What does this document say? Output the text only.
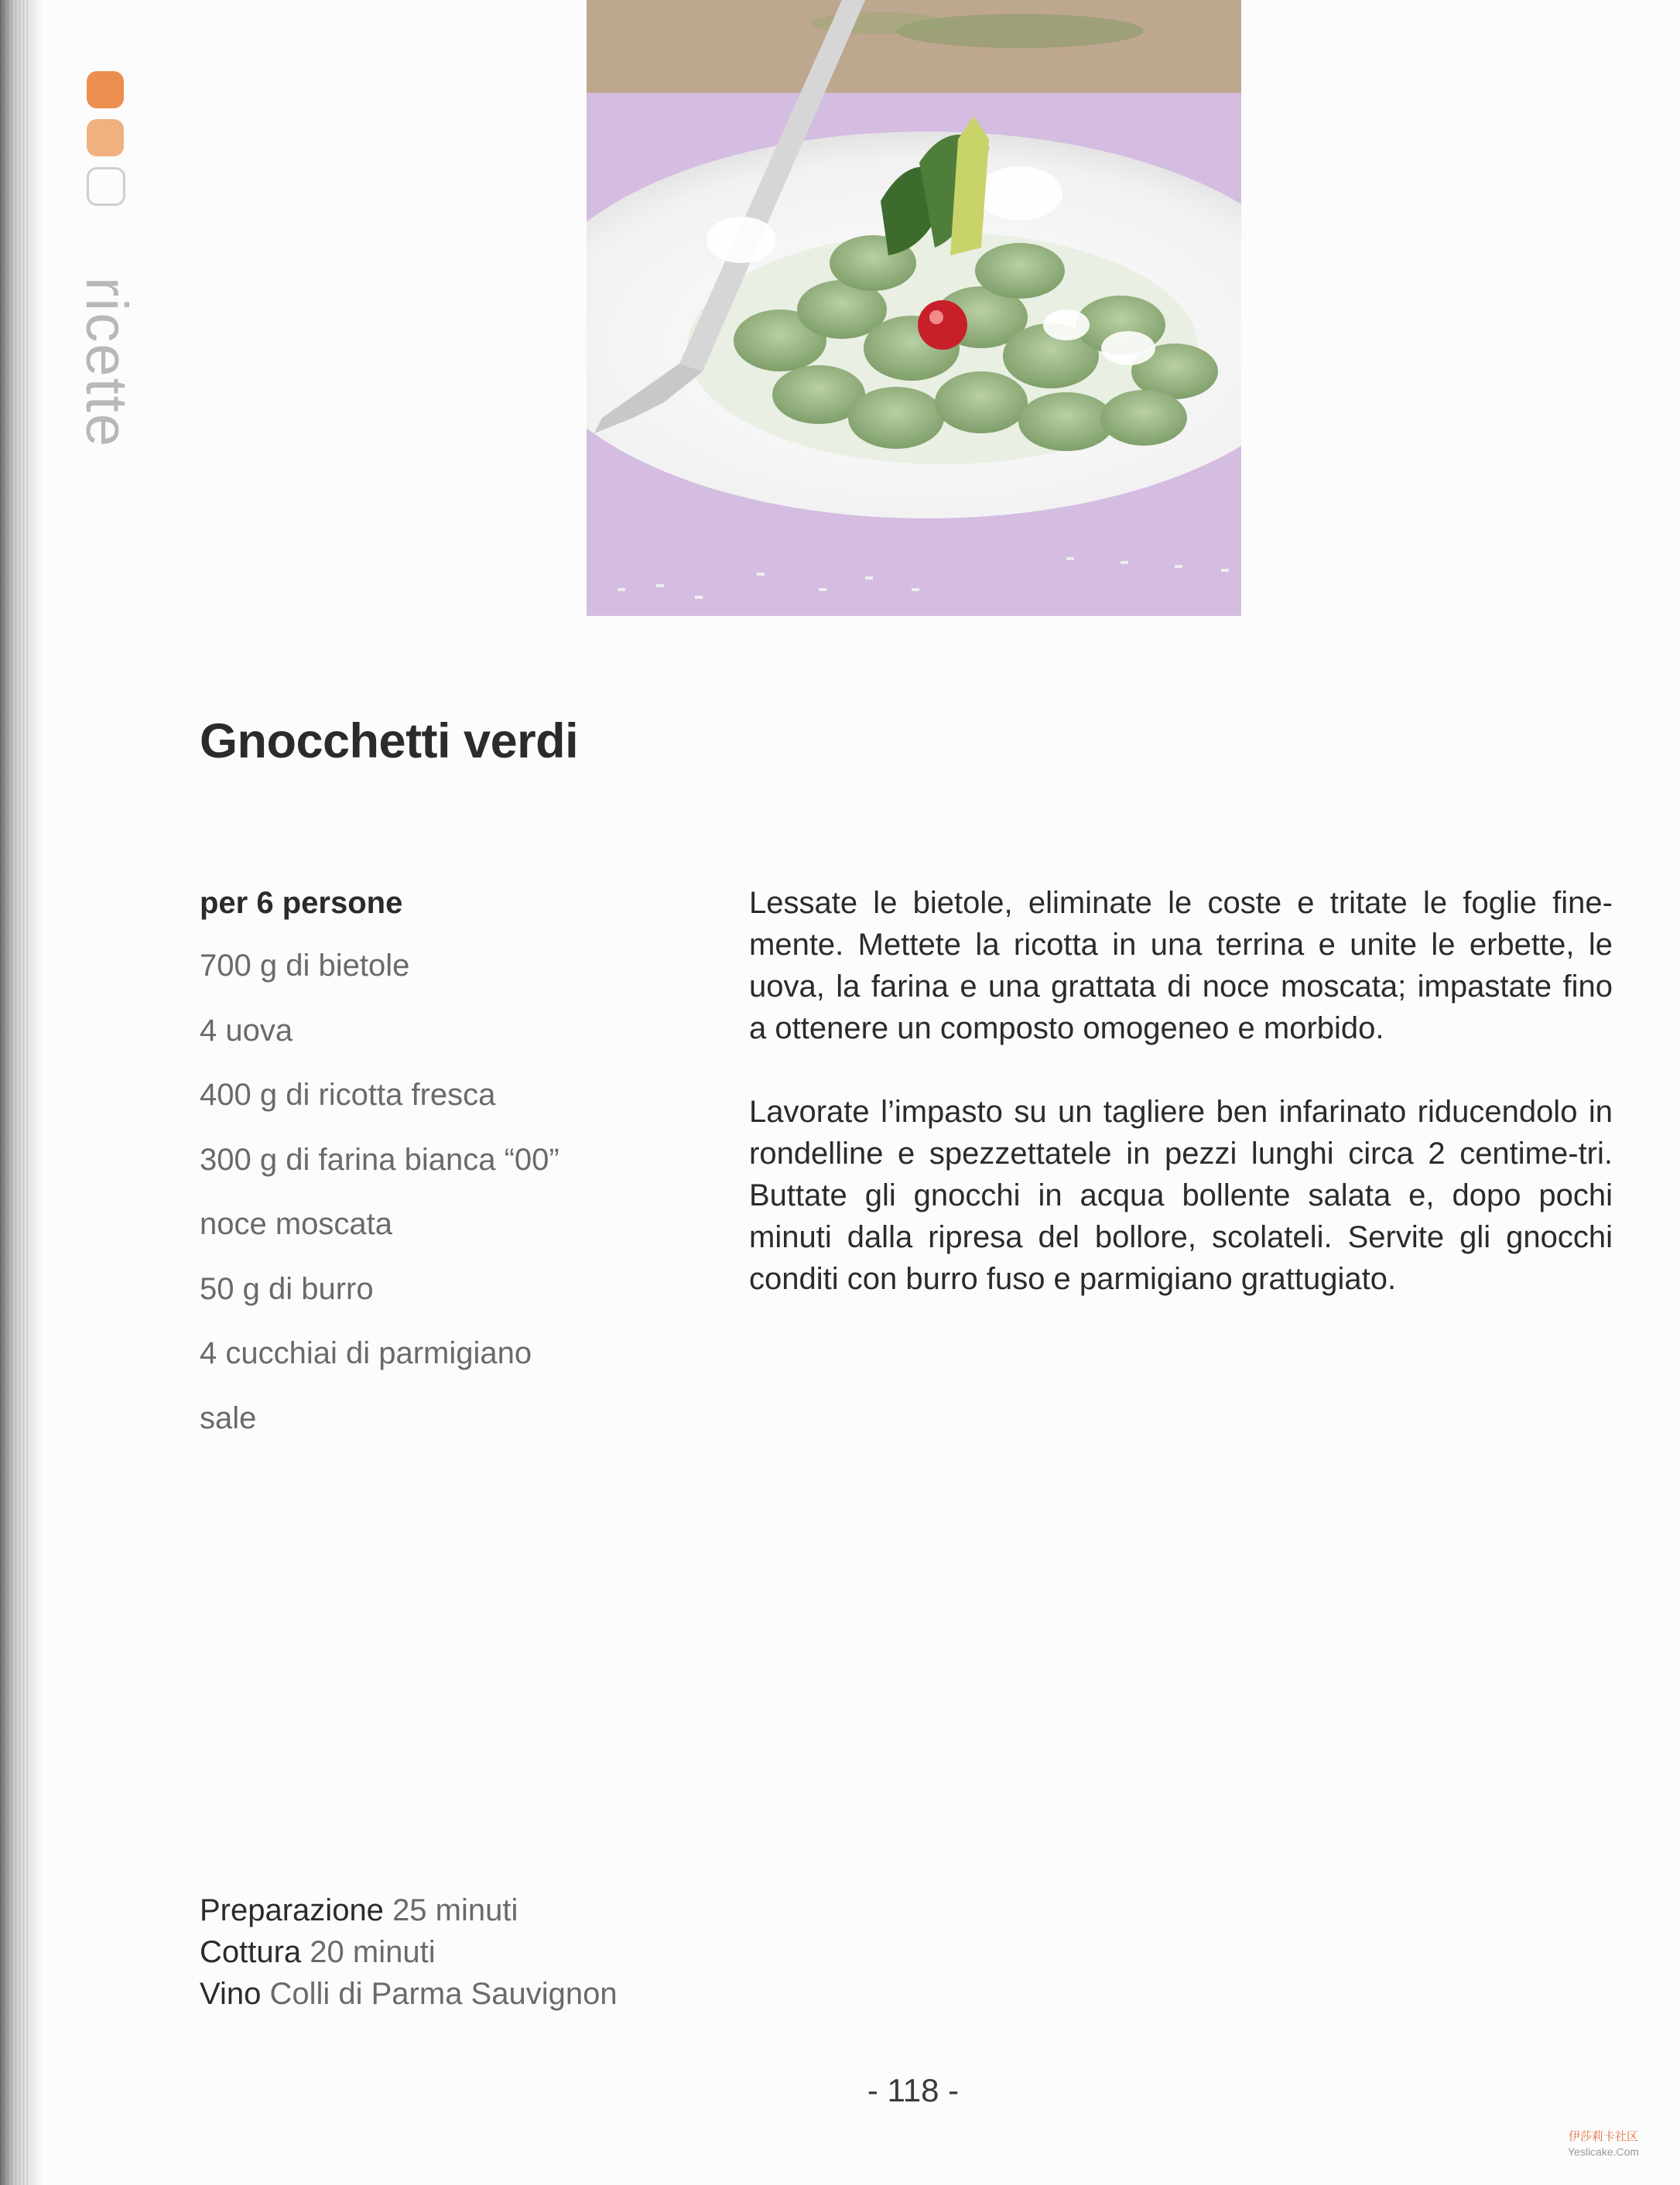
ricette
Gnocchetti verdi
per 6 persone
700 g di bietole
4 uova
400 g di ricotta fresca
300 g di farina bianca “00”
noce moscata
50 g di burro
4 cucchiai di parmigiano
sale

Lessate le bietole, eliminate le coste e tritate le foglie fine-mente. Mettete la ricotta in una terrina e unite le erbette, le uova, la farina e una grattata di noce moscata; impastate fino a ottenere un composto omogeneo e morbido.

Lavorate l’impasto su un tagliere ben infarinato riducendolo in rondelline e spezzettatele in pezzi lunghi circa 2 centime-tri. Buttate gli gnocchi in acqua bollente salata e, dopo pochi minuti dalla ripresa del bollore, scolateli. Servite gli gnocchi conditi con burro fuso e parmigiano grattugiato.

Preparazione 25 minuti
Cottura 20 minuti
Vino Colli di Parma Sauvignon
- 118 -
伊莎莉卡社区
Yeslicake.Com
